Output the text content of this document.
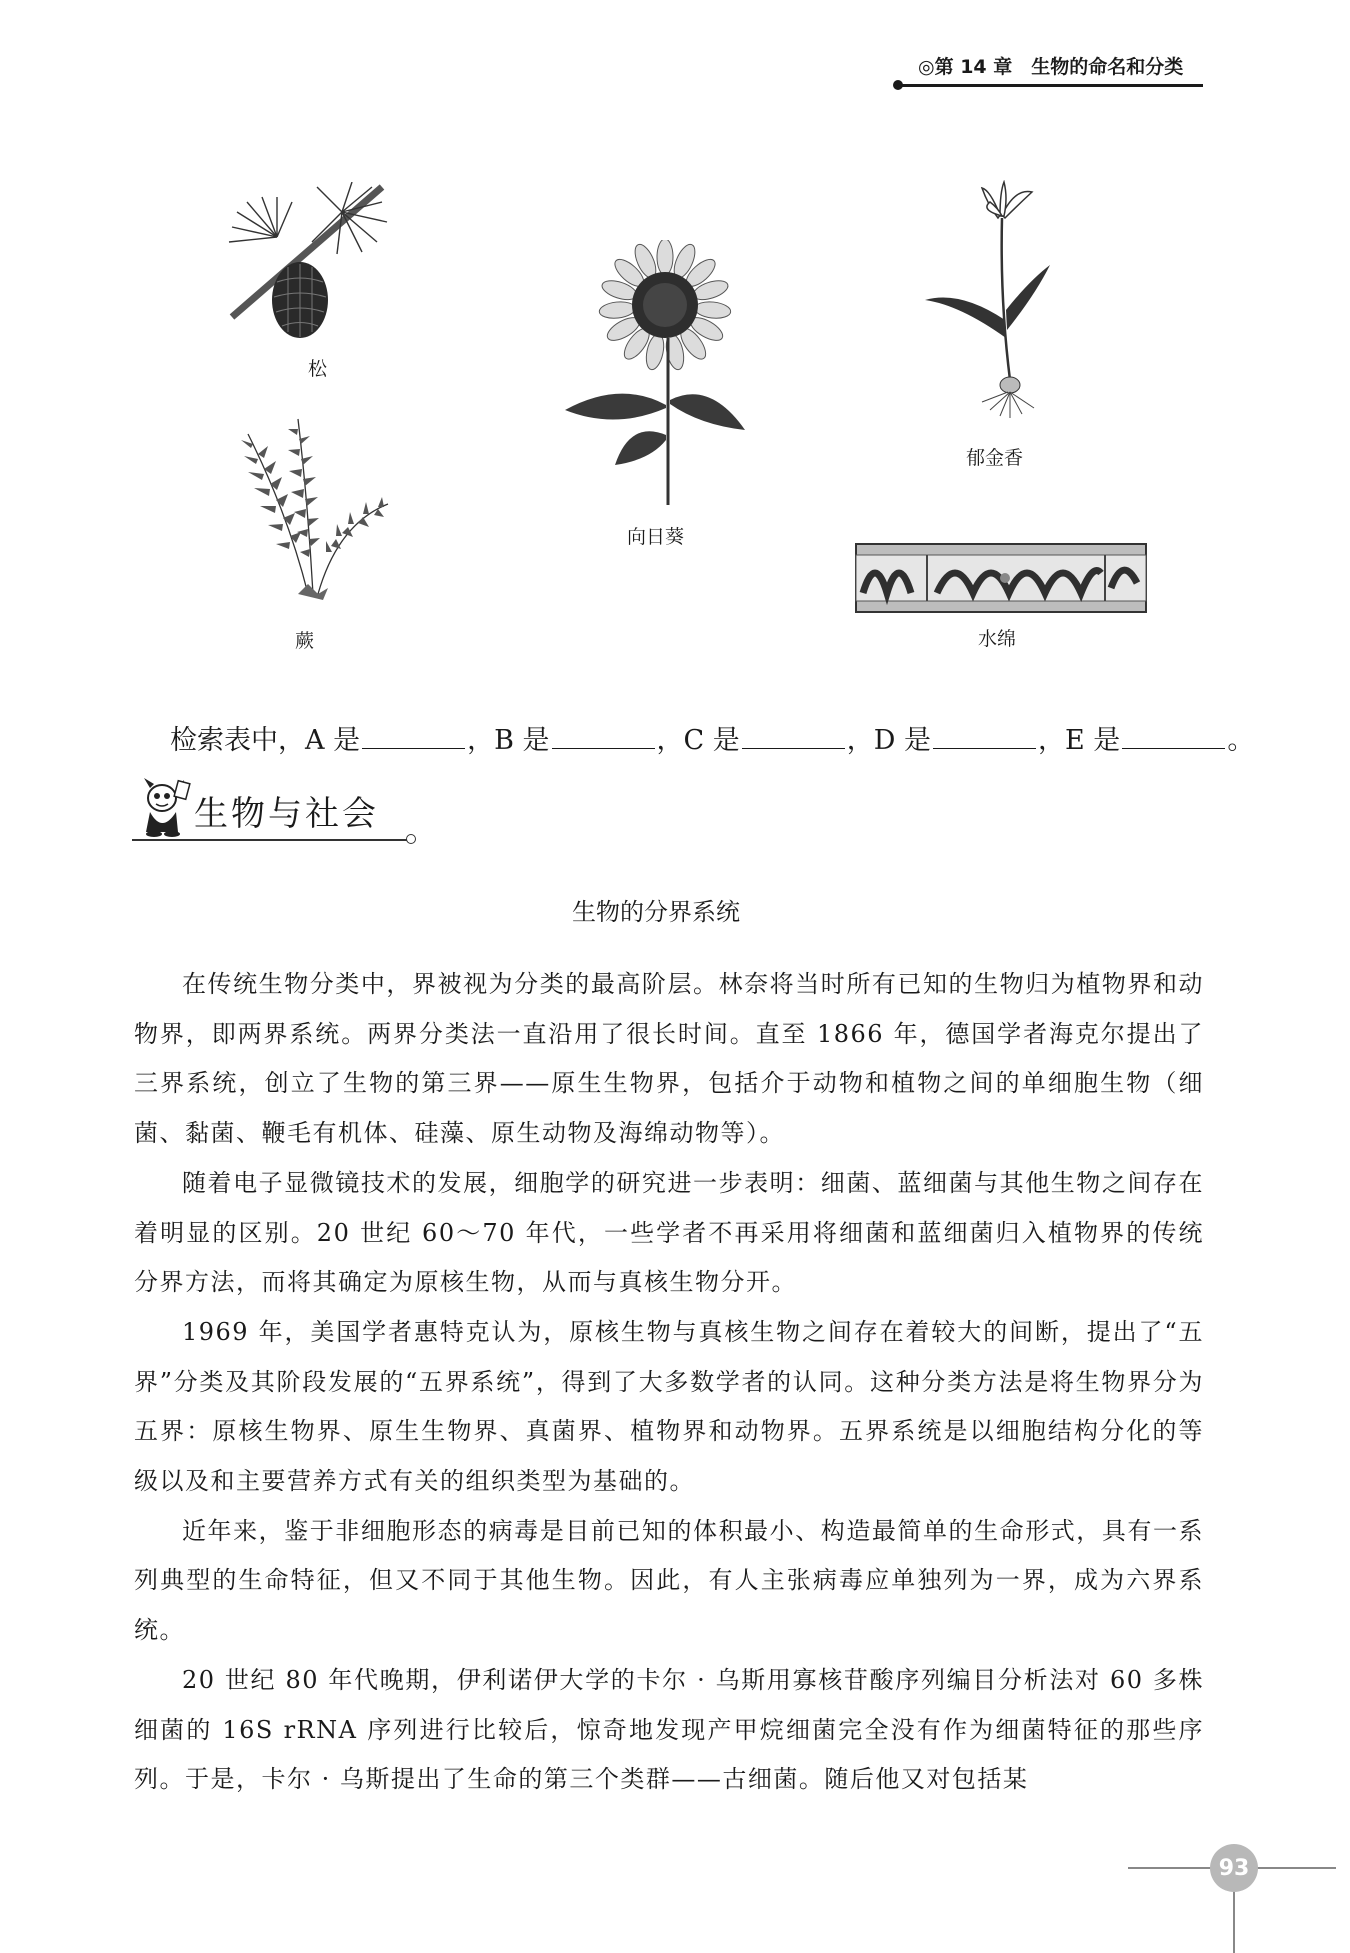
◎第 14 章　生物的命名和分类
松
蕨
向日葵
郁金香
水绵
检索表中，A 是	，B 是	，C 是	，D 是	，E 是	。
生物与社会
生物的分界系统

在传统生物分类中，界被视为分类的最高阶层。林奈将当时所有已知的生物归为植物界和动物界，即两界系统。两界分类法一直沿用了很长时间。直至 1866 年，德国学者海克尔提出了三界系统，创立了生物的第三界——原生生物界，包括介于动物和植物之间的单细胞生物（细菌、黏菌、鞭毛有机体、硅藻、原生动物及海绵动物等）。

随着电子显微镜技术的发展，细胞学的研究进一步表明：细菌、蓝细菌与其他生物之间存在着明显的区别。20 世纪 60～70 年代，一些学者不再采用将细菌和蓝细菌归入植物界的传统分界方法，而将其确定为原核生物，从而与真核生物分开。

1969 年，美国学者惠特克认为，原核生物与真核生物之间存在着较大的间断，提出了“五界”分类及其阶段发展的“五界系统”，得到了大多数学者的认同。这种分类方法是将生物界分为五界：原核生物界、原生生物界、真菌界、植物界和动物界。五界系统是以细胞结构分化的等级以及和主要营养方式有关的组织类型为基础的。

近年来，鉴于非细胞形态的病毒是目前已知的体积最小、构造最简单的生命形式，具有一系列典型的生命特征，但又不同于其他生物。因此，有人主张病毒应单独列为一界，成为六界系统。

20 世纪 80 年代晚期，伊利诺伊大学的卡尔 · 乌斯用寡核苷酸序列编目分析法对 60 多株细菌的 16S rRNA 序列进行比较后，惊奇地发现产甲烷细菌完全没有作为细菌特征的那些序列。于是，卡尔 · 乌斯提出了生命的第三个类群——古细菌。随后他又对包括某

93
